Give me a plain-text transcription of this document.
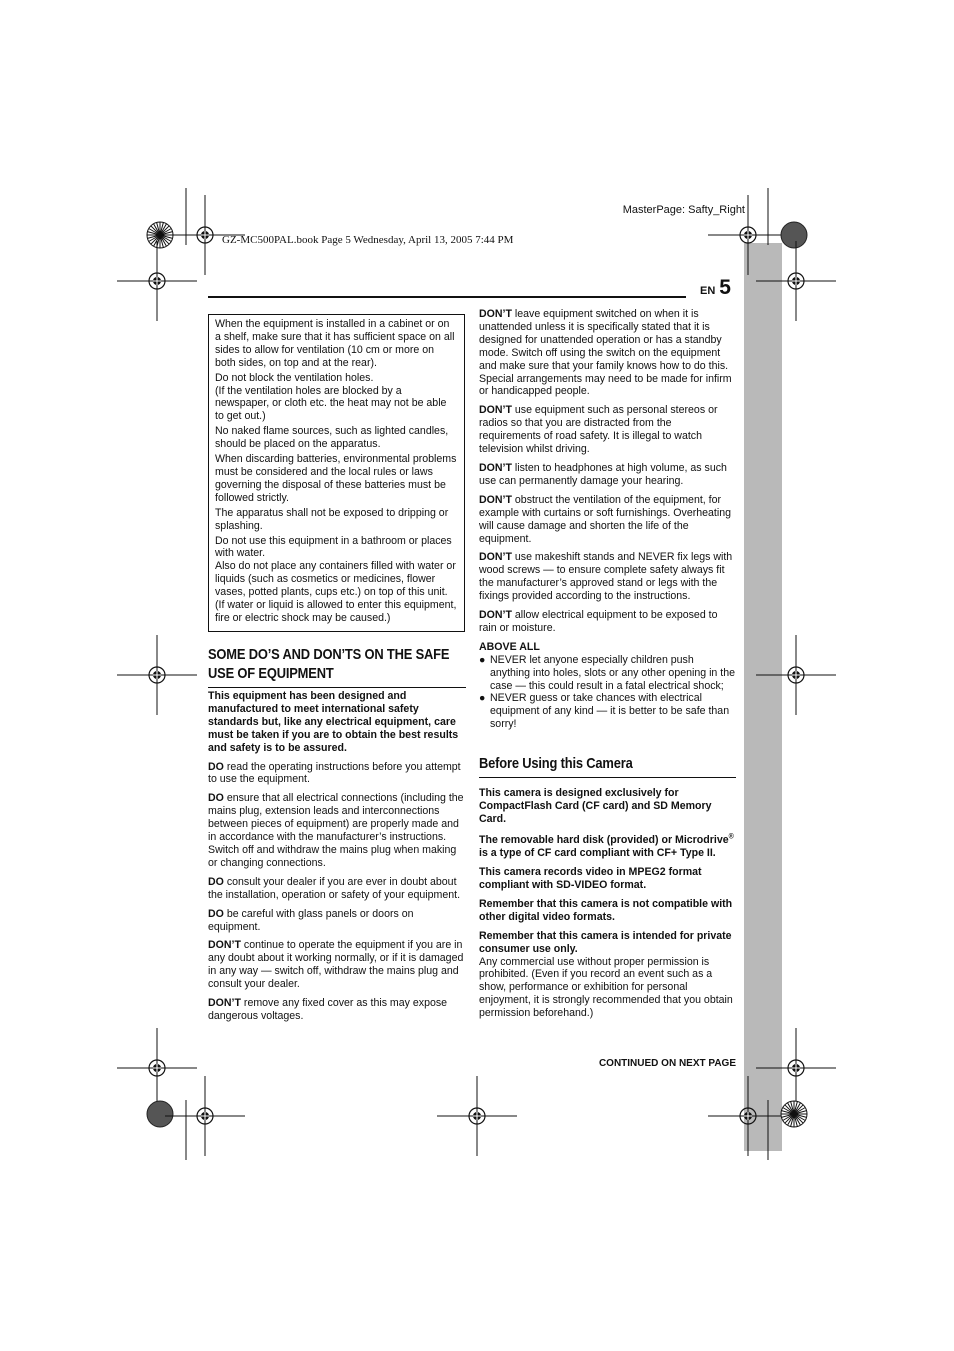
MasterPage: Safty_Right
GZ-MC500PAL.book Page 5 Wednesday, April 13, 2005 7:44 PM
EN 5

When the equipment is installed in a cabinet or on a shelf, make sure that it has sufficient space on all sides to allow for ventilation (10 cm or more on both sides, on top and at the rear).

Do not block the ventilation holes.
(If the ventilation holes are blocked by a newspaper, or cloth etc. the heat may not be able to get out.)

No naked flame sources, such as lighted candles, should be placed on the apparatus.

When discarding batteries, environmental problems must be considered and the local rules or laws governing the disposal of these batteries must be followed strictly.

The apparatus shall not be exposed to dripping or splashing.

Do not use this equipment in a bathroom or places with water.
Also do not place any containers filled with water or liquids (such as cosmetics or medicines, flower vases, potted plants, cups etc.) on top of this unit.
(If water or liquid is allowed to enter this equipment, fire or electric shock may be caused.)

SOME DO’S AND DON’TS ON THE SAFE USE OF EQUIPMENT

This equipment has been designed and manufactured to meet international safety standards but, like any electrical equipment, care must be taken if you are to obtain the best results and safety is to be assured.

DO read the operating instructions before you attempt to use the equipment.

DO ensure that all electrical connections (including the mains plug, extension leads and interconnections between pieces of equipment) are properly made and in accordance with the manufacturer’s instructions. Switch off and withdraw the mains plug when making or changing connections.

DO consult your dealer if you are ever in doubt about the installation, operation or safety of your equipment.

DO be careful with glass panels or doors on equipment.

DON’T continue to operate the equipment if you are in any doubt about it working normally, or if it is damaged in any way — switch off, withdraw the mains plug and consult your dealer.

DON’T remove any fixed cover as this may expose dangerous voltages.

DON’T leave equipment switched on when it is unattended unless it is specifically stated that it is designed for unattended operation or has a standby mode. Switch off using the switch on the equipment and make sure that your family knows how to do this. Special arrangements may need to be made for infirm or handicapped people.

DON’T use equipment such as personal stereos or radios so that you are distracted from the requirements of road safety. It is illegal to watch television whilst driving.

DON’T listen to headphones at high volume, as such use can permanently damage your hearing.

DON’T obstruct the ventilation of the equipment, for example with curtains or soft furnishings. Overheating will cause damage and shorten the life of the equipment.

DON’T use makeshift stands and NEVER fix legs with wood screws — to ensure complete safety always fit the manufacturer’s approved stand or legs with the fixings provided according to the instructions.

DON’T allow electrical equipment to be exposed to rain or moisture.

ABOVE ALL

● NEVER let anyone especially children push anything into holes, slots or any other opening in the case — this could result in a fatal electrical shock;
● NEVER guess or take chances with electrical equipment of any kind — it is better to be safe than sorry!
Before Using this Camera

This camera is designed exclusively for CompactFlash Card (CF card) and SD Memory Card.

The removable hard disk (provided) or Microdrive® is a type of CF card compliant with CF+ Type II.

This camera records video in MPEG2 format compliant with SD-VIDEO format.

Remember that this camera is not compatible with other digital video formats.

Remember that this camera is intended for private consumer use only.
Any commercial use without proper permission is prohibited. (Even if you record an event such as a show, performance or exhibition for personal enjoyment, it is strongly recommended that you obtain permission beforehand.)

CONTINUED ON NEXT PAGE
